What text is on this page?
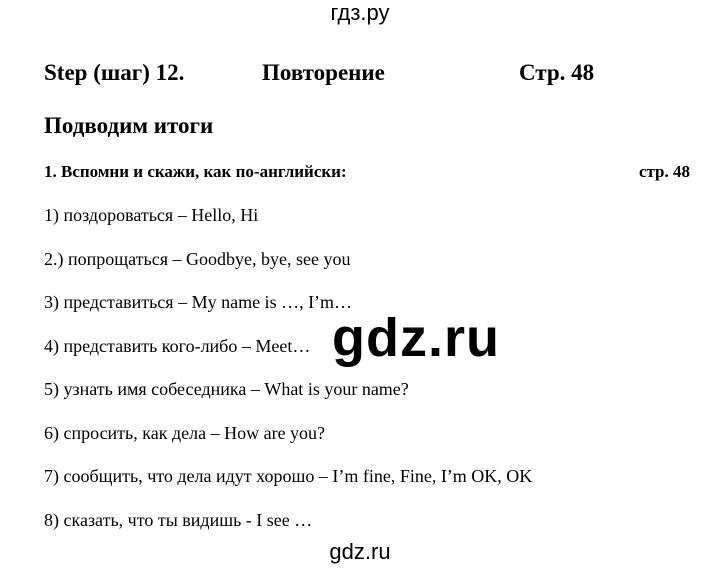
гдз.ру
Step (шаг) 12.	Повторение	Стр. 48
Подводим итоги
1. Вспомни и скажи, как по-английски:	стр. 48
1) поздороваться – Hello, Hi
2.) попрощаться – Goodbye, bye, see you
3) представиться – My name is …, I’m…
4) представить кого-либо – Meet…
5) узнать имя собеседника – What is your name?
6) спросить, как дела – How are you?
7) сообщить, что дела идут хорошо – I’m fine, Fine, I’m OK, OK
8) сказать, что ты видишь - I see …
gdz.ru
gdz.ru
